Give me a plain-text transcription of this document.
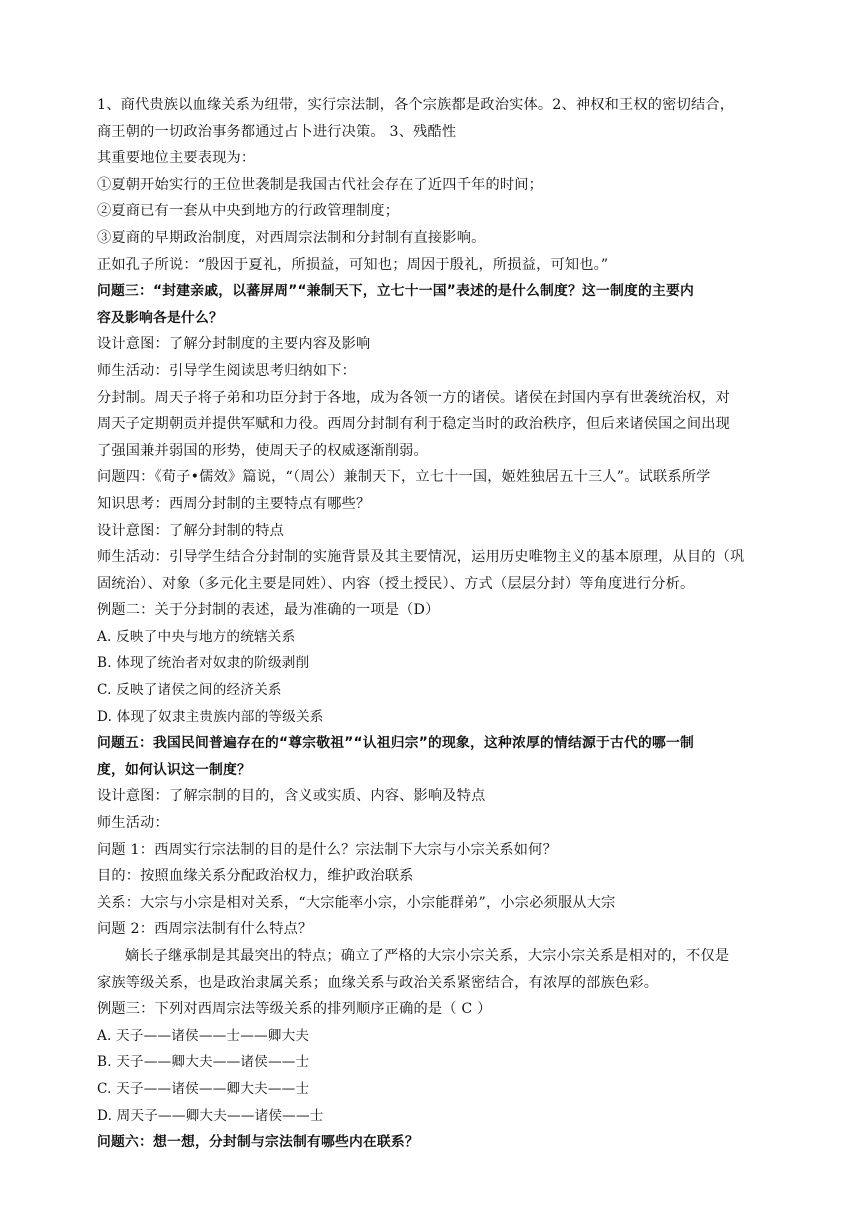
1、商代贵族以血缘关系为纽带，实行宗法制，各个宗族都是政治实体。2、神权和王权的密切结合，
商王朝的一切政治事务都通过占卜进行决策。 3、残酷性
其重要地位主要表现为：
①夏朝开始实行的王位世袭制是我国古代社会存在了近四千年的时间；
②夏商已有一套从中央到地方的行政管理制度；
③夏商的早期政治制度，对西周宗法制和分封制有直接影响。
正如孔子所说：“殷因于夏礼，所损益，可知也；周因于殷礼，所损益，可知也。”
问题三：“封建亲戚，以蕃屏周”“兼制天下，立七十一国”表述的是什么制度？这一制度的主要内
容及影响各是什么？
设计意图：了解分封制度的主要内容及影响
师生活动：引导学生阅读思考归纳如下：
分封制。周天子将子弟和功臣分封于各地，成为各领一方的诸侯。诸侯在封国内享有世袭统治权，对
周天子定期朝贡并提供军赋和力役。西周分封制有利于稳定当时的政治秩序，但后来诸侯国之间出现
了强国兼并弱国的形势，使周天子的权威逐渐削弱。
问题四：《荀子•儒效》篇说，“（周公）兼制天下，立七十一国，姬姓独居五十三人”。试联系所学
知识思考：西周分封制的主要特点有哪些？
设计意图：了解分封制的特点
师生活动：引导学生结合分封制的实施背景及其主要情况，运用历史唯物主义的基本原理，从目的（巩
固统治）、对象（多元化主要是同姓）、内容（授土授民）、方式（层层分封）等角度进行分析。
例题二：关于分封制的表述，最为准确的一项是（D）
A. 反映了中央与地方的统辖关系
B. 体现了统治者对奴隶的阶级剥削
C. 反映了诸侯之间的经济关系
D. 体现了奴隶主贵族内部的等级关系
问题五：我国民间普遍存在的“尊宗敬祖”“认祖归宗”的现象，这种浓厚的情结源于古代的哪一制
度，如何认识这一制度？
设计意图：了解宗制的目的，含义或实质、内容、影响及特点
师生活动：
问题 1：西周实行宗法制的目的是什么？宗法制下大宗与小宗关系如何？
目的：按照血缘关系分配政治权力，维护政治联系
关系：大宗与小宗是相对关系，“大宗能率小宗，小宗能群弟”，小宗必须服从大宗
问题 2：西周宗法制有什么特点？
嫡长子继承制是其最突出的特点；确立了严格的大宗小宗关系，大宗小宗关系是相对的，不仅是
家族等级关系，也是政治隶属关系；血缘关系与政治关系紧密结合，有浓厚的部族色彩。
例题三：下列对西周宗法等级关系的排列顺序正确的是（ C ）
A. 天子——诸侯——士——卿大夫
B. 天子——卿大夫——诸侯——士
C. 天子——诸侯——卿大夫——士
D. 周天子——卿大夫——诸侯——士
问题六：想一想，分封制与宗法制有哪些内在联系？
